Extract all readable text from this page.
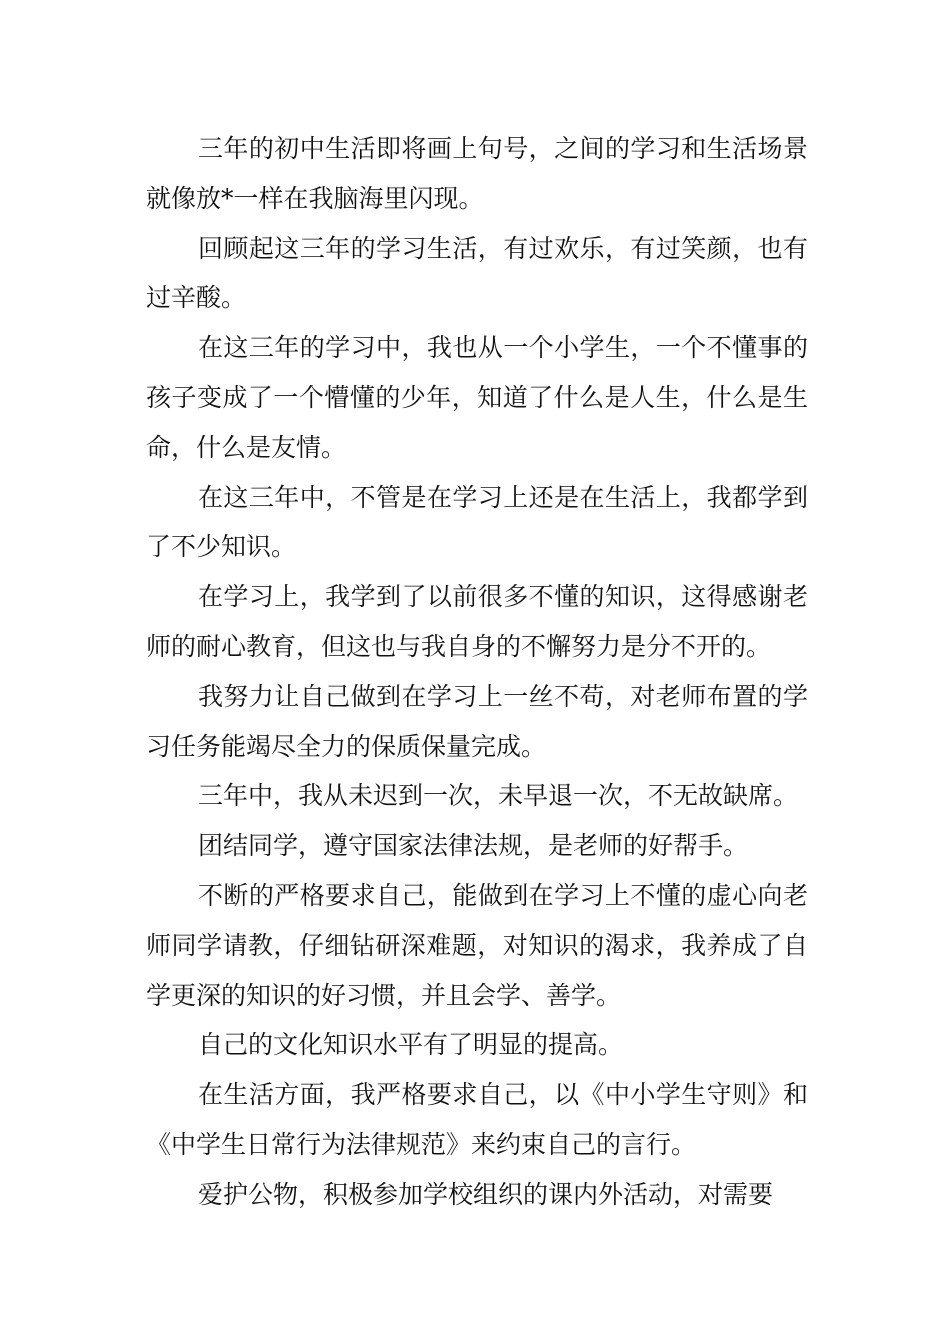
三年的初中生活即将画上句号，之间的学习和生活场景就像放*一样在我脑海里闪现。

回顾起这三年的学习生活，有过欢乐，有过笑颜，也有过辛酸。

在这三年的学习中，我也从一个小学生，一个不懂事的孩子变成了一个懵懂的少年，知道了什么是人生，什么是生命，什么是友情。

在这三年中，不管是在学习上还是在生活上，我都学到了不少知识。

在学习上，我学到了以前很多不懂的知识，这得感谢老师的耐心教育，但这也与我自身的不懈努力是分不开的。

我努力让自己做到在学习上一丝不苟，对老师布置的学习任务能竭尽全力的保质保量完成。

三年中，我从未迟到一次，未早退一次，不无故缺席。

团结同学，遵守国家法律法规，是老师的好帮手。

不断的严格要求自己，能做到在学习上不懂的虚心向老师同学请教，仔细钻研深难题，对知识的渴求，我养成了自学更深的知识的好习惯，并且会学、善学。

自己的文化知识水平有了明显的提高。

在生活方面，我严格要求自己，以《中小学生守则》和《中学生日常行为法律规范》来约束自己的言行。

爱护公物，积极参加学校组织的课内外活动，对需要
